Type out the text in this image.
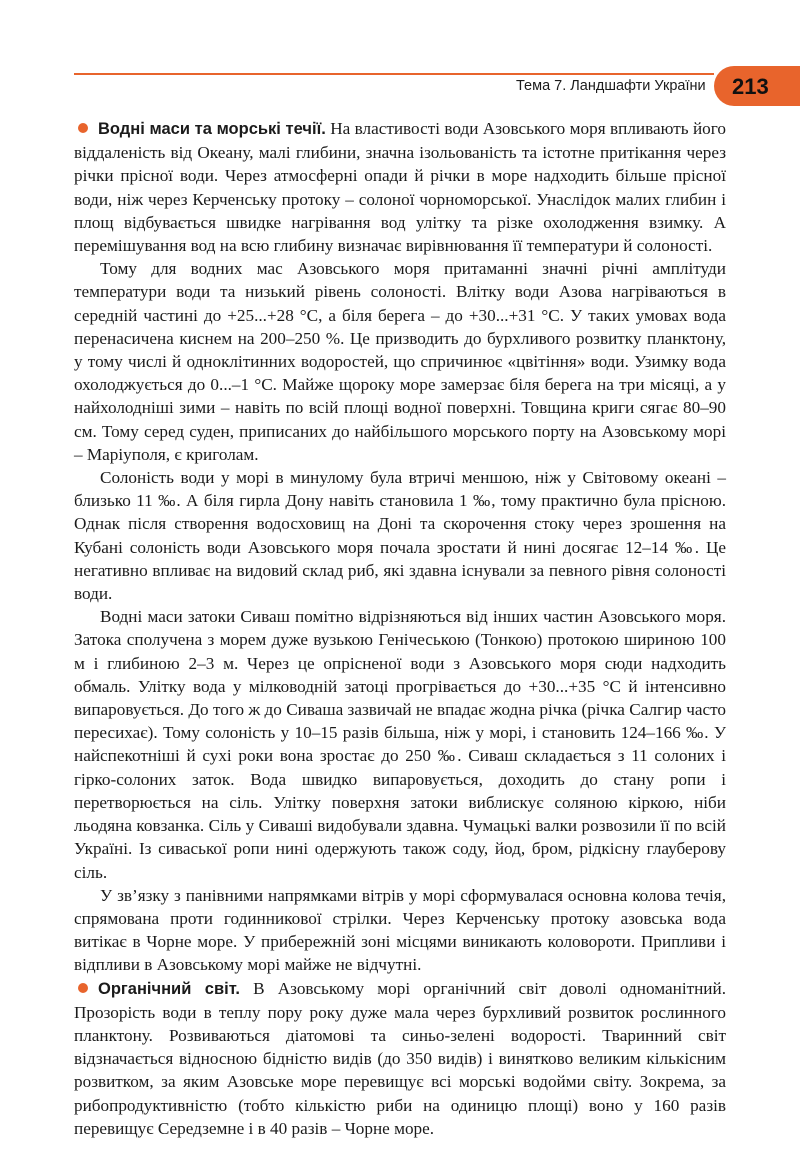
Тема 7. Ландшафти України 213

Водні маси та морські течії. На властивості води Азовського моря впливають його віддаленість від Океану, малі глибини, значна ізольованість та істотне притікання через річки прісної води. Через атмосферні опади й річки в море надходить більше прісної води, ніж через Керченську протоку – солоної чорноморської. Унаслідок малих глибин і площ відбувається швидке нагрівання вод улітку та різке охолодження взимку. А перемішування вод на всю глибину визначає вирівнювання її температури й солоності.

Тому для водних мас Азовського моря притаманні значні річні амплітуди температури води та низький рівень солоності. Влітку води Азова нагріваються в середній частині до +25...+28 °С, а біля берега – до +30...+31 °С. У таких умовах вода перенасичена киснем на 200–250 %. Це призводить до бурхливого розвитку планктону, у тому числі й одноклітинних водоростей, що спричинює «цвітіння» води. Узимку вода охолоджується до 0...–1 °С. Майже щороку море замерзає біля берега на три місяці, а у найхолодніші зими – навіть по всій площі водної поверхні. Товщина криги сягає 80–90 см. Тому серед суден, приписаних до найбільшого морського порту на Азовському морі – Маріуполя, є криголам.

Солоність води у морі в минулому була втричі меншою, ніж у Світовому океані – близько 11 ‰. А біля гирла Дону навіть становила 1 ‰, тому практично була прісною. Однак після створення водосховищ на Доні та скорочення стоку через зрошення на Кубані солоність води Азовського моря почала зростати й нині досягає 12–14 ‰. Це негативно впливає на видовий склад риб, які здавна існували за певного рівня солоності води.

Водні маси затоки Сиваш помітно відрізняються від інших частин Азовського моря. Затока сполучена з морем дуже вузькою Генічеською (Тонкою) протокою шириною 100 м і глибиною 2–3 м. Через це опрісненої води з Азовського моря сюди надходить обмаль. Улітку вода у мілководній затоці прогрівається до +30...+35 °С й інтенсивно випаровується. До того ж до Сиваша зазвичай не впадає жодна річка (річка Салгир часто пересихає). Тому солоність у 10–15 разів більша, ніж у морі, і становить 124–166 ‰. У найспекотніші й сухі роки вона зростає до 250 ‰. Сиваш складається з 11 солоних і гірко-солоних заток. Вода швидко випаровується, доходить до стану ропи і перетворюється на сіль. Улітку поверхня затоки виблискує соляною кіркою, ніби льодяна ковзанка. Сіль у Сиваші видобували здавна. Чумацькі валки розвозили її по всій Україні. Із сиваської ропи нині одержують також соду, йод, бром, рідкісну глауберову сіль.

У зв’язку з панівними напрямками вітрів у морі сформувалася основна колова течія, спрямована проти годинникової стрілки. Через Керченську протоку азовська вода витікає в Чорне море. У прибережній зоні місцями виникають коловороти. Припливи і відпливи в Азовському морі майже не відчутні.

Органічний світ. В Азовському морі органічний світ доволі одноманітний. Прозорість води в теплу пору року дуже мала через бурхливий розвиток рослинного планктону. Розвиваються діатомові та синьо-зелені водорості. Тваринний світ відзначається відносною бідністю видів (до 350 видів) і винятково великим кількісним розвитком, за яким Азовське море перевищує всі морські водойми світу. Зокрема, за рибопродуктивністю (тобто кількістю риби на одиницю площі) воно у 160 разів перевищує Середземне і в 40 разів – Чорне море.
